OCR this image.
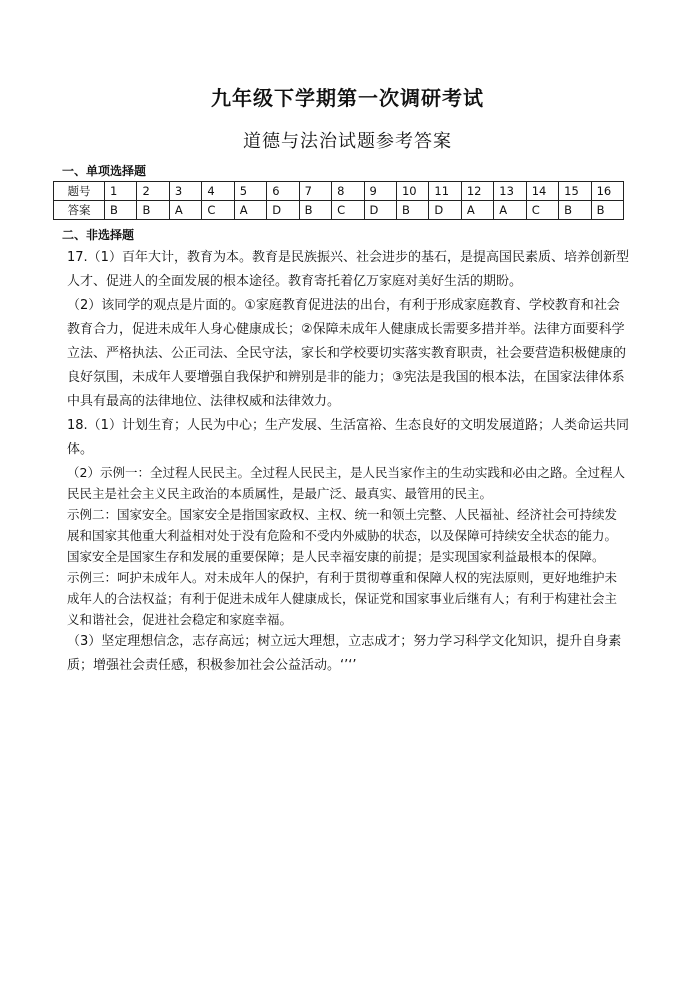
九年级下学期第一次调研考试
道德与法治试题参考答案
一、单项选择题
题号	1	2	3	4	5	6	7	8	9	10	11	12	13	14	15	16
答案	B	B	A	C	A	D	B	C	D	B	D	A	A	C	B	B
二、非选择题

17.（1）百年大计，教育为本。教育是民族振兴、社会进步的基石，是提高国民素质、培养创新型人才、促进人的全面发展的根本途径。教育寄托着亿万家庭对美好生活的期盼。

（2）该同学的观点是片面的。①家庭教育促进法的出台，有利于形成家庭教育、学校教育和社会教育合力，促进未成年人身心健康成长；②保障未成年人健康成长需要多措并举。法律方面要科学立法、严格执法、公正司法、全民守法，家长和学校要切实落实教育职责，社会要营造积极健康的良好氛围，未成年人要增强自我保护和辨别是非的能力；③宪法是我国的根本法，在国家法律体系中具有最高的法律地位、法律权威和法律效力。

18.（1）计划生育；人民为中心；生产发展、生活富裕、生态良好的文明发展道路；人类命运共同体。

（2）示例一：全过程人民民主。全过程人民民主，是人民当家作主的生动实践和必由之路。全过程人民民主是社会主义民主政治的本质属性，是最广泛、最真实、最管用的民主。

示例二：国家安全。国家安全是指国家政权、主权、统一和领土完整、人民福祉、经济社会可持续发展和国家其他重大利益相对处于没有危险和不受内外威胁的状态，以及保障可持续安全状态的能力。国家安全是国家生存和发展的重要保障；是人民幸福安康的前提；是实现国家利益最根本的保障。

示例三：呵护未成年人。对未成年人的保护，有利于贯彻尊重和保障人权的宪法原则，更好地维护未成年人的合法权益；有利于促进未成年人健康成长，保证党和国家事业后继有人；有利于构建社会主义和谐社会，促进社会稳定和家庭幸福。

（3）坚定理想信念，志存高远；树立远大理想，立志成才；努力学习科学文化知识，提升自身素质；增强社会责任感，积极参加社会公益活动。‘’‘’
